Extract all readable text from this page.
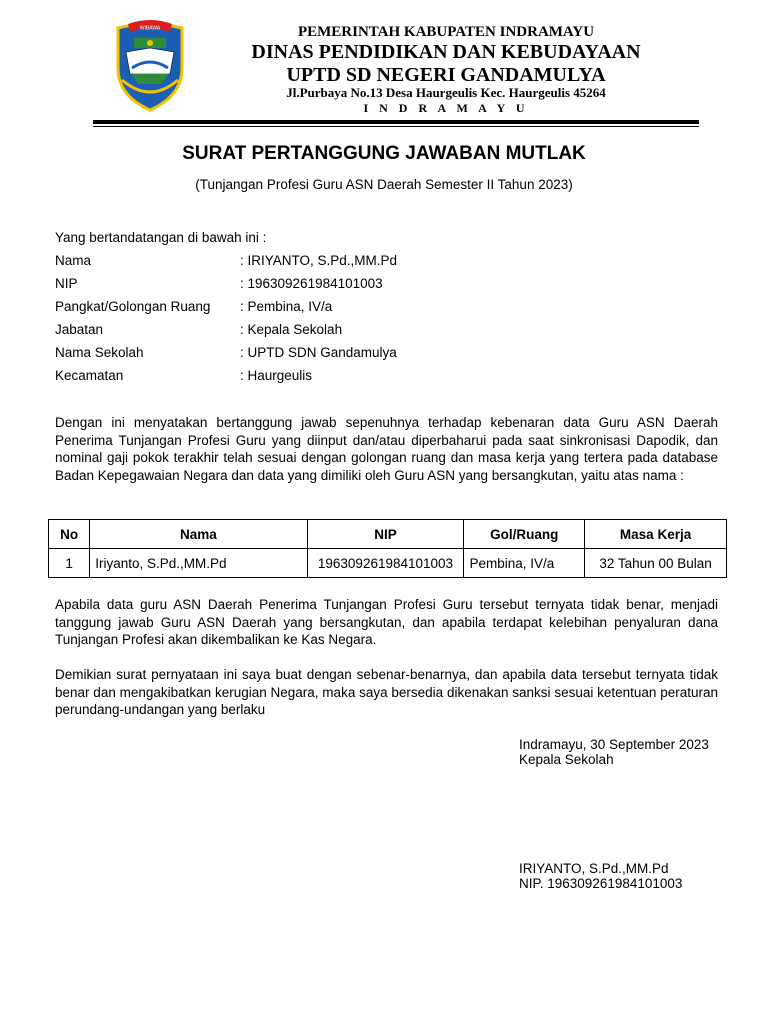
WIBAWA	PEMERINTAH KABUPATEN INDRAMAYU
DINAS PENDIDIKAN DAN KEBUDAYAAN
UPTD SD NEGERI GANDAMULYA
Jl.Purbaya No.13 Desa Haurgeulis Kec. Haurgeulis 45264
I N D R A M A Y U
SURAT PERTANGGUNG JAWABAN MUTLAK
(Tunjangan Profesi Guru ASN Daerah Semester II Tahun 2023)
Yang bertandatangan di bawah ini :
Nama	: IRIYANTO, S.Pd.,MM.Pd
NIP	: 196309261984101003
Pangkat/Golongan Ruang : Pembina, IV/a
Jabatan	: Kepala Sekolah
Nama Sekolah	: UPTD SDN Gandamulya
Kecamatan	: Haurgeulis
Dengan ini menyatakan bertanggung jawab sepenuhnya terhadap kebenaran data Guru ASN Daerah Penerima Tunjangan Profesi Guru yang diinput dan/atau diperbaharui pada saat sinkronisasi Dapodik, dan nominal gaji pokok terakhir telah sesuai dengan golongan ruang dan masa kerja yang tertera pada database Badan Kepegawaian Negara dan data yang dimiliki oleh Guru ASN yang bersangkutan, yaitu atas nama :
No	Nama	NIP	Gol/Ruang	Masa Kerja
1	Iriyanto, S.Pd.,MM.Pd	196309261984101003	Pembina, IV/a	32 Tahun 00 Bulan
Apabila data guru ASN Daerah Penerima Tunjangan Profesi Guru tersebut ternyata tidak benar, menjadi tanggung jawab Guru ASN Daerah yang bersangkutan, dan apabila terdapat kelebihan penyaluran dana Tunjangan Profesi akan dikembalikan ke Kas Negara.
Demikian surat pernyataan ini saya buat dengan sebenar-benarnya, dan apabila data tersebut ternyata tidak benar dan mengakibatkan kerugian Negara, maka saya bersedia dikenakan sanksi sesuai ketentuan peraturan perundang-undangan yang berlaku
Indramayu, 30 September 2023
Kepala Sekolah
IRIYANTO, S.Pd.,MM.Pd
NIP. 196309261984101003
